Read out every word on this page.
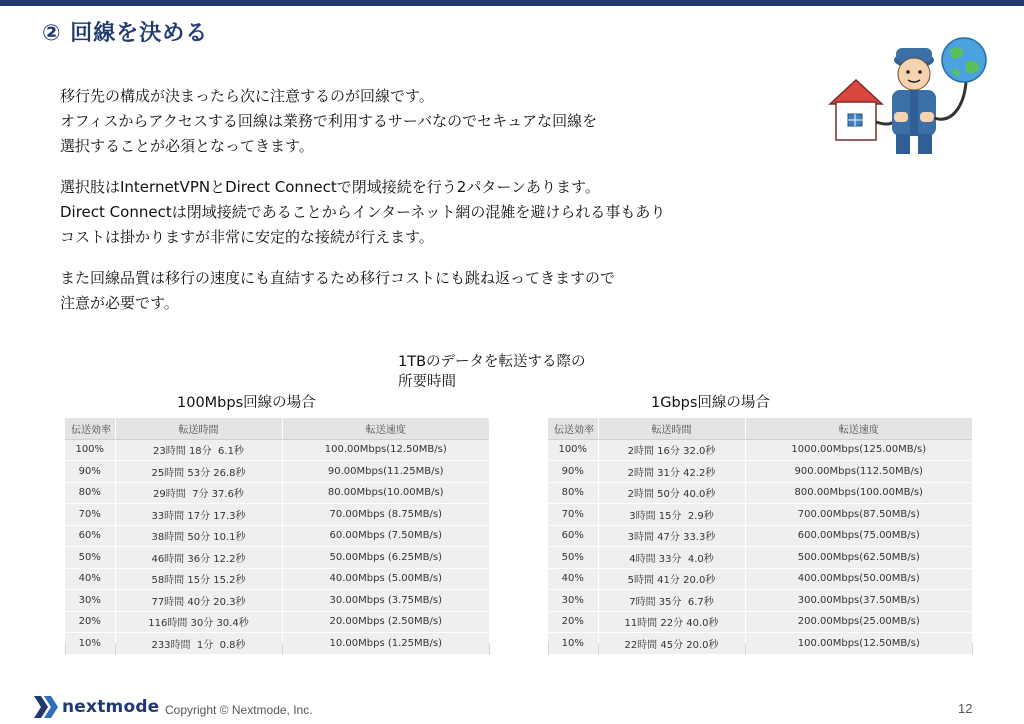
② 回線を決める
移行先の構成が決まったら次に注意するのが回線です。
オフィスからアクセスする回線は業務で利用するサーバなのでセキュアな回線を
選択することが必須となってきます。
選択肢はInternetVPNとDirect Connectで閉域接続を行う2パターンあります。
Direct Connectは閉域接続であることからインターネット網の混雑を避けられる事もあり
コストは掛かりますが非常に安定的な接続が行えます。
また回線品質は移行の速度にも直結するため移行コストにも跳ね返ってきますので
注意が必要です。
1TBのデータを転送する際の
所要時間
100Mbps回線の場合	1Gbps回線の場合
伝送効率	転送時間	転送速度
100%	23時間 18分  6.1秒	100.00Mbps(12.50MB/s)
90%	25時間 53分 26.8秒	90.00Mbps(11.25MB/s)
80%	29時間  7分 37.6秒	80.00Mbps(10.00MB/s)
70%	33時間 17分 17.3秒	70.00Mbps (8.75MB/s)
60%	38時間 50分 10.1秒	60.00Mbps (7.50MB/s)
50%	46時間 36分 12.2秒	50.00Mbps (6.25MB/s)
40%	58時間 15分 15.2秒	40.00Mbps (5.00MB/s)
30%	77時間 40分 20.3秒	30.00Mbps (3.75MB/s)
20%	116時間 30分 30.4秒	20.00Mbps (2.50MB/s)
10%	233時間  1分  0.8秒	10.00Mbps (1.25MB/s)
伝送効率	転送時間	転送速度
100%	2時間 16分 32.0秒	1000.00Mbps(125.00MB/s)
90%	2時間 31分 42.2秒	900.00Mbps(112.50MB/s)
80%	2時間 50分 40.0秒	800.00Mbps(100.00MB/s)
70%	3時間 15分  2.9秒	700.00Mbps(87.50MB/s)
60%	3時間 47分 33.3秒	600.00Mbps(75.00MB/s)
50%	4時間 33分  4.0秒	500.00Mbps(62.50MB/s)
40%	5時間 41分 20.0秒	400.00Mbps(50.00MB/s)
30%	7時間 35分  6.7秒	300.00Mbps(37.50MB/s)
20%	11時間 22分 40.0秒	200.00Mbps(25.00MB/s)
10%	22時間 45分 20.0秒	100.00Mbps(12.50MB/s)
nextmode Copyright © Nextmode, Inc.	12
